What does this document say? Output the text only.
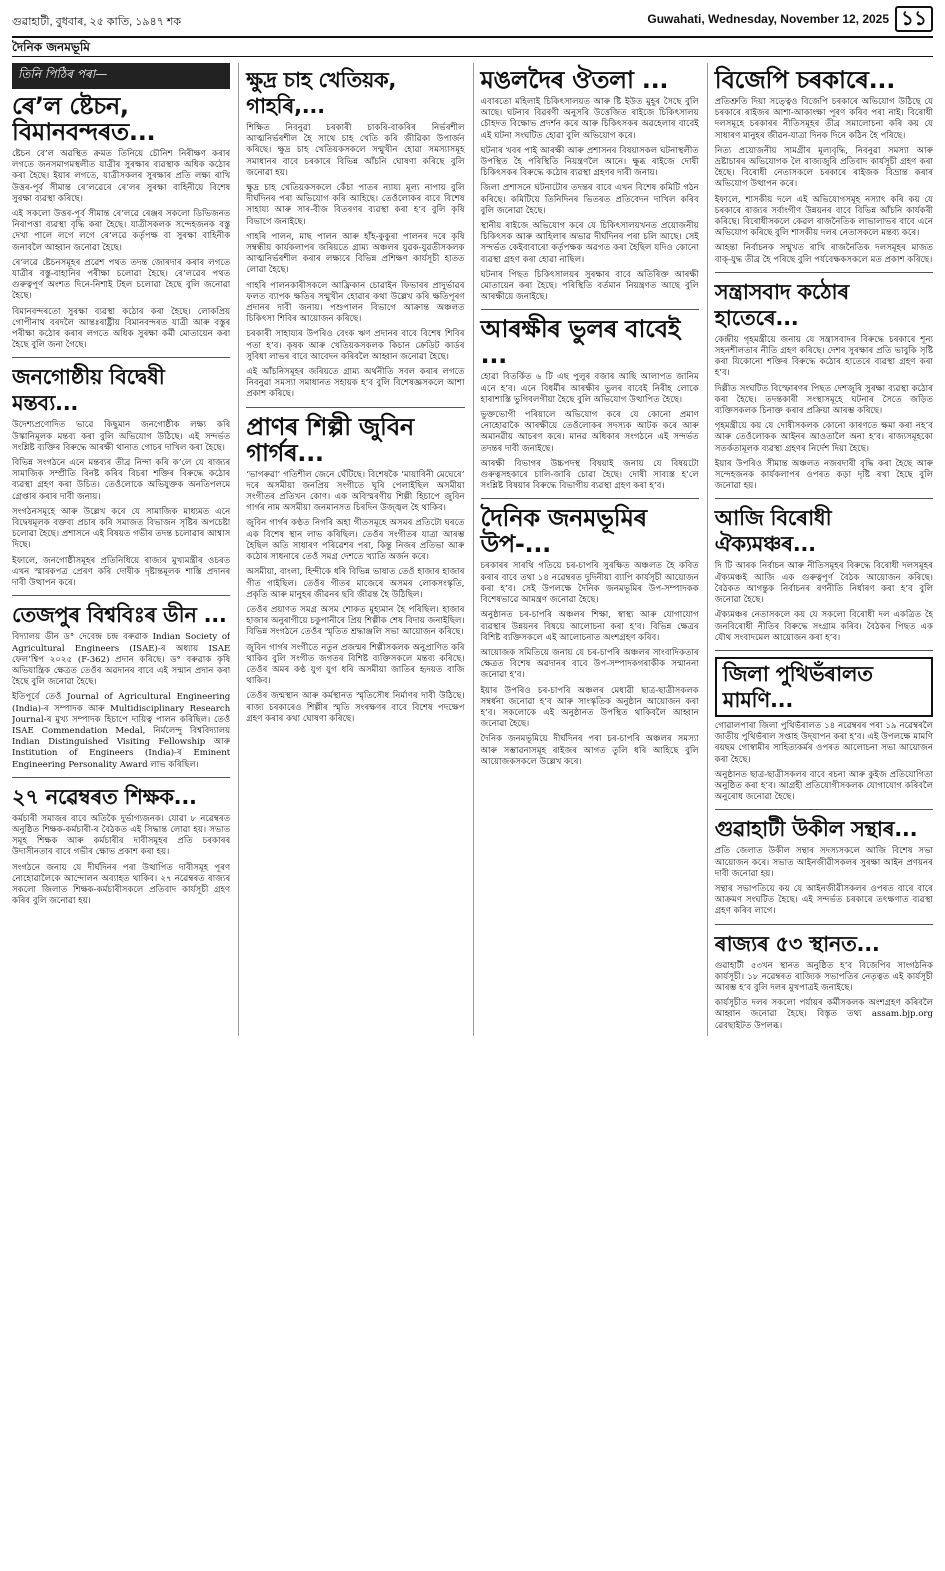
গুৱাহাটী, বুধবাৰ, ২৫ কাতি, ১৯৪৭ শক	Guwahati, Wednesday, November 12, 2025 ১১
দৈনিক জনমভূমি
তিনি পিঠিৰ পৰা—
ৰে’ল ষ্টেচন, বিমানবন্দৰত...

ষ্টেচন বে’ল অৱস্থিত ক্ৰমত তিনিয়ে চৌনিশ নিৰীক্ষণ কৰাৰ লগতে জনসমাগমস্থলীত যাত্ৰীৰ সুৰক্ষাৰ ব্যৱস্থাক অধিক কঠোৰ কৰা হৈছে। ইয়াৰ লগতে, যাত্ৰীসকলৰ সুৰক্ষাৰ প্ৰতি লক্ষ্য ৰাখি উত্তৰ-পূৰ্ব সীমান্ত ৰে’লৱেৰে ৰে’লৰ সুৰক্ষা বাহিনীয়ে বিশেষ সুৰক্ষা ব্যৱস্থা কৰিছে।

এই সকলো উত্তৰ-পূৰ্ব সীমান্ত ৰে’লৱে ৰেঞ্জৰ সকলো ডিভিজনত নিৰাপত্তা ব্যৱস্থা বৃদ্ধি কৰা হৈছে। যাত্ৰীসকলক সন্দেহজনক বস্তু দেখা পালে লগে লগে ৰে’লৱে কৰ্তৃপক্ষ বা সুৰক্ষা বাহিনীক জনাবলৈ আহ্বান জনোৱা হৈছে।

ৰে’লৱে ষ্টেচনসমূহৰ প্ৰৱেশ পথত তদন্ত জোৰদাৰ কৰাৰ লগতে যাত্ৰীৰ বস্তু-বাহানিৰ পৰীক্ষা চলোৱা হৈছে। ৰে’লৱেৰ পথত গুৰুত্বপূৰ্ণ অংশত দিনে-নিশাই টহল চলোৱা হৈছে বুলি জনোৱা হৈছে।

বিমানবন্দৰতো সুৰক্ষা ব্যৱস্থা কঠোৰ কৰা হৈছে। লোকপ্ৰিয় গোপীনাথ বৰদলৈ আন্তঃৰাষ্ট্ৰীয় বিমানবন্দৰত যাত্ৰী আৰু বস্তুৰ পৰীক্ষা কঠোৰ কৰাৰ লগতে অধিক সুৰক্ষা কৰ্মী মোতায়েন কৰা হৈছে বুলি জনা গৈছে।

জনগোষ্ঠীয় বিদ্বেষী মন্তব্য...

উদেশ্যপ্ৰণোদিত ভাৱে কিছুমান জনগোষ্ঠীক লক্ষ্য কৰি উস্কানিমূলক মন্তব্য কৰা বুলি অভিযোগ উঠিছে। এই সন্দৰ্ভত সংশ্লিষ্ট ব্যক্তিৰ বিৰুদ্ধে আৰক্ষী থানাত গোচৰ দাখিল কৰা হৈছে।

বিভিন্ন সংগঠনে এনে মন্তব্যৰ তীব্ৰ নিন্দা কৰি ক’লে যে ৰাজ্যৰ সামাজিক সম্প্ৰীতি বিনষ্ট কৰিব বিচৰা শক্তিৰ বিৰুদ্ধে কঠোৰ ব্যৱস্থা গ্ৰহণ কৰা উচিত। তেওঁলোকে অভিযুক্তক অনতিপলমে গ্ৰেপ্তাৰ কৰাৰ দাবী জনায়।

সংগঠনসমূহে আৰু উল্লেখ কৰে যে সামাজিক মাধ্যমত এনে বিদ্বেষমূলক বক্তব্য প্ৰচাৰ কৰি সমাজত বিভাজন সৃষ্টিৰ অপচেষ্টা চলোৱা হৈছে। প্ৰশাসনে এই বিষয়ত গভীৰ তদন্ত চলোৱাৰ আশ্বাস দিছে।

ইফালে, জনগোষ্ঠীসমূহৰ প্ৰতিনিধিয়ে ৰাজ্যৰ মুখ্যমন্ত্ৰীৰ ওচৰত এখন স্মাৰকপত্ৰ প্ৰেৰণ কৰি দোষীক দৃষ্টান্তমূলক শাস্তি প্ৰদানৰ দাবী উত্থাপন কৰে।

তেজপুৰ বিশ্ববিঃৰ ডীন ...

বিদ্যালয় ডীন ড° দেবেন্দ্ৰ চন্দ্ৰ বৰুৱাক Indian Society of Agricultural Engineers (ISAE)-ৰ অধ্যায় ISAE ফেল’শ্বিপ ২০২৫ (F-362) প্ৰদান কৰিছে। ড° বৰুৱাক কৃষি অভিযান্ত্ৰিক ক্ষেত্ৰত তেওঁৰ অৱদানৰ বাবে এই সন্মান প্ৰদান কৰা হৈছে বুলি জনোৱা হৈছে।

ইতিপূৰ্বে তেওঁ Journal of Agricultural Engineering (India)-ৰ সম্পাদক আৰু Multidisciplinary Research Journal-ৰ মুখ্য সম্পাদক হিচাপে দায়িত্ব পালন কৰিছিল। তেওঁ ISAE Commendation Medal, নিৰ্মলেন্দু বিশ্ববিদ্যালয় Indian Distinguished Visiting Fellowship আৰু Institution of Engineers (India)-ৰ Eminent Engineering Personality Award লাভ কৰিছিল।

২৭ নৱেম্বৰত শিক্ষক...

কৰ্মচাৰী সমাজৰ বাবে অতিকৈ দুৰ্ভাগ্যজনক। যোৱা ৮ নৱেম্বৰত অনুষ্ঠিত শিক্ষক-কৰ্মচাৰী-ৰ বৈঠকত এই সিদ্ধান্ত লোৱা হয়। সভাত সমূহ শিক্ষক আৰু কৰ্মচাৰীৰ দাবীসমূহৰ প্ৰতি চৰকাৰৰ উদাসীনতাৰ বাবে গভীৰ ক্ষোভ প্ৰকাশ কৰা হয়।

সংগঠনে জনায় যে দীৰ্ঘদিনৰ পৰা উত্থাপিত দাবীসমূহ পূৰণ নোহোৱালৈকে আন্দোলন অব্যাহত থাকিব। ২৭ নৱেম্বৰত ৰাজ্যৰ সকলো জিলাত শিক্ষক-কৰ্মচাৰীসকলে প্ৰতিবাদ কাৰ্যসূচী গ্ৰহণ কৰিব বুলি জনোৱা হয়।

ক্ষুদ্ৰ চাহ খেতিয়ক, গাহৰি,...

শিক্ষিত নিবনুৱা চৰকাৰী চাকৰি-বাকৰিৰ নিৰ্ভৰশীল আত্মনিৰ্ভৰশীল হৈ সাথে চাহ খেতি কৰি জীৱিকা উপাৰ্জন কৰিছে। ক্ষুদ্ৰ চাহ খেতিয়কসকলে সন্মুখীন হোৱা সমস্যাসমূহ সমাধানৰ বাবে চৰকাৰে বিভিন্ন আঁচনি ঘোষণা কৰিছে বুলি জনোৱা হয়।

ক্ষুদ্ৰ চাহ খেতিয়কসকলে কেঁচা পাতৰ ন্যায্য মূল্য নাপায় বুলি দীৰ্ঘদিনৰ পৰা অভিযোগ কৰি আহিছে। তেওঁলোকৰ বাবে বিশেষ সাহায্য আৰু সাৰ-বীজ বিতৰণৰ ব্যৱস্থা কৰা হ’ব বুলি কৃষি বিভাগে জনাইছে।

গাহৰি পালন, মাছ পালন আৰু হাঁহ-কুকুৰা পালনৰ দৰে কৃষি সম্বন্ধীয় কাৰ্যকলাপৰ জৰিয়তে গ্ৰাম্য অঞ্চলৰ যুৱক-যুৱতীসকলক আত্মনিৰ্ভৰশীল কৰাৰ লক্ষ্যৰে বিভিন্ন প্ৰশিক্ষণ কাৰ্যসূচী হাতত লোৱা হৈছে।

গাহৰি পালনকাৰীসকলে আফ্ৰিকান চোৱাইন ফিভাৰৰ প্ৰাদুৰ্ভাৱৰ ফলত ব্যাপক ক্ষতিৰ সন্মুখীন হোৱাৰ কথা উল্লেখ কৰি ক্ষতিপূৰণ প্ৰদানৰ দাবী জনায়। পশুপালন বিভাগে আক্ৰান্ত অঞ্চলত চিকিৎসা শিবিৰ আয়োজন কৰিছে।

চৰকাৰী সাহায্যৰ উপৰিও বেংক ঋণ প্ৰদানৰ বাবে বিশেষ শিবিৰ পতা হ’ব। কৃষক আৰু খেতিয়কসকলক কিচান ক্ৰেডিট কাৰ্ডৰ সুবিধা লাভৰ বাবে আবেদন কৰিবলৈ আহ্বান জনোৱা হৈছে।

এই আঁচনিসমূহৰ জৰিয়তে গ্ৰাম্য অৰ্থনীতি সবল কৰাৰ লগতে নিবনুৱা সমস্যা সমাধানত সহায়ক হ’ব বুলি বিশেষজ্ঞসকলে আশা প্ৰকাশ কৰিছে।

প্ৰাণৰ শিল্পী জুবিন গাৰ্গৰ...

‘ভাগৰুৱা’ গতিশীল জেনে ঘেঁটিছে। বিশেষকৈ ‘মায়াবিনী মেঘেৰে’ দৰে অসমীয়া জনপ্ৰিয় সংগীতে ঘূৰি পেলাইছিল অসমীয়া সংগীতৰ প্ৰতিখন কোণ। এক অবিস্মৰণীয় শিল্পী হিচাপে জুবিন গাৰ্গৰ নাম অসমীয়া জনমানসত চিৰদিন উজ্জ্বল হৈ থাকিব।

জুবিন গাৰ্গৰ কণ্ঠত নিগৰি অহা গীতসমূহে অসমৰ প্ৰতিটো ঘৰতে এক বিশেষ স্থান লাভ কৰিছিল। তেওঁৰ সংগীতৰ যাত্ৰা আৰম্ভ হৈছিল অতি সাধাৰণ পৰিৱেশৰ পৰা, কিন্তু নিজৰ প্ৰতিভা আৰু কঠোৰ সাধনাৰে তেওঁ সমগ্ৰ দেশতে খ্যাতি অৰ্জন কৰে।

অসমীয়া, বাংলা, হিন্দীকে ধৰি বিভিন্ন ভাষাত তেওঁ হাজাৰ হাজাৰ গীত গাইছিল। তেওঁৰ গীতৰ মাজেৰে অসমৰ লোকসংস্কৃতি, প্ৰকৃতি আৰু মানুহৰ জীৱনৰ ছবি জীৱন্ত হৈ উঠিছিল।

তেওঁৰ প্ৰয়াণত সমগ্ৰ অসম শোকত মুহ্যমান হৈ পৰিছিল। হাজাৰ হাজাৰ অনুৰাগীয়ে চকুপানীৰে প্ৰিয় শিল্পীক শেষ বিদায় জনাইছিল। বিভিন্ন সংগঠনে তেওঁৰ স্মৃতিত শ্ৰদ্ধাঞ্জলি সভা আয়োজন কৰিছে।

জুবিন গাৰ্গৰ সংগীতে নতুন প্ৰজন্মৰ শিল্পীসকলক অনুপ্ৰাণিত কৰি থাকিব বুলি সংগীত জগতৰ বিশিষ্ট ব্যক্তিসকলে মন্তব্য কৰিছে। তেওঁৰ অমৰ কণ্ঠ যুগ যুগ ধৰি অসমীয়া জাতিৰ হৃদয়ত বাজি থাকিব।

তেওঁৰ জন্মস্থান আৰু কৰ্মস্থানত স্মৃতিসৌধ নিৰ্মাণৰ দাবী উঠিছে। ৰাজ্য চৰকাৰেও শিল্পীৰ স্মৃতি সংৰক্ষণৰ বাবে বিশেষ পদক্ষেপ গ্ৰহণ কৰাৰ কথা ঘোষণা কৰিছে।

মঙলদৈৰ ঔতলা ...

এবাৰতো মহিলাই চিকিৎসালয়ত আৰু ষ্টি ইউত মুহূৰ সৈছে বুলি আছে। ঘটনাৰ বিৱৰণী অনুসৰি উত্তেজিত ৰাইজে চিকিৎসালয় চৌহদত বিক্ষোভ প্ৰদৰ্শন কৰে আৰু চিকিৎসকৰ অৱহেলাৰ বাবেই এই ঘটনা সংঘটিত হোৱা বুলি অভিযোগ কৰে।

ঘটনাৰ খবৰ পাই আৰক্ষী আৰু প্ৰশাসনৰ বিষয়াসকল ঘটনাস্থলীত উপস্থিত হৈ পৰিস্থিতি নিয়ন্ত্ৰণলৈ আনে। ক্ষুব্ধ ৰাইজে দোষী চিকিৎসকৰ বিৰুদ্ধে কঠোৰ ব্যৱস্থা গ্ৰহণৰ দাবী জনায়।

জিলা প্ৰশাসনে ঘটনাটোৰ তদন্তৰ বাবে এখন বিশেষ কমিটি গঠন কৰিছে। কমিটিয়ে তিনিদিনৰ ভিতৰত প্ৰতিবেদন দাখিল কৰিব বুলি জনোৱা হৈছে।

স্থানীয় ৰাইজে অভিযোগ কৰে যে চিকিৎসালয়খনত প্ৰয়োজনীয় চিকিৎসক আৰু আহিলাৰ অভাৱ দীৰ্ঘদিনৰ পৰা চলি আছে। সেই সন্দৰ্ভত কেইবাবাৰো কৰ্তৃপক্ষক অৱগত কৰা হৈছিল যদিও কোনো ব্যৱস্থা গ্ৰহণ কৰা হোৱা নাছিল।

ঘটনাৰ পিছত চিকিৎসালয়ৰ সুৰক্ষাৰ বাবে অতিৰিক্ত আৰক্ষী মোতায়েন কৰা হৈছে। পৰিস্থিতি বৰ্তমান নিয়ন্ত্ৰণত আছে বুলি আৰক্ষীয়ে জনাইছে।

আৰক্ষীৰ ভুলৰ বাবেই ...

হোৱা বিতৰ্কিত ৬ টি এছ পুলুৰ বজাৰ আছি আলাপত জানিম এনে হ’ব। এনে বিধৰ্মীৰ আৰক্ষীৰ ভুলৰ বাবেই নিৰীহ লোকে হাৰাশাস্তি ভুগিবলগীয়া হৈছে বুলি অভিযোগ উত্থাপিত হৈছে।

ভুক্তভোগী পৰিয়ালে অভিযোগ কৰে যে কোনো প্ৰমাণ নোহোৱাকৈ আৰক্ষীয়ে তেওঁলোকৰ সদস্যক আটক কৰে আৰু অমানৱীয় আচৰণ কৰে। মানৱ অধিকাৰ সংগঠনে এই সন্দৰ্ভত তদন্তৰ দাবী জনাইছে।

আৰক্ষী বিভাগৰ উচ্চপদস্থ বিষয়াই জনায় যে বিষয়টো গুৰুত্বসহকাৰে চালি-জাৰি চোৱা হৈছে। দোষী সাব্যস্ত হ’লে সংশ্লিষ্ট বিষয়াৰ বিৰুদ্ধে বিভাগীয় ব্যৱস্থা গ্ৰহণ কৰা হ’ব।

দৈনিক জনমভূমিৰ উপ-...

চৰকাৰৰ সাৰথি গতিয়ে চৰ-চাপৰি সুৰক্ষিত অঞ্চলত হৈ কবিত কৰাৰ বাবে তথা ১৪ নৱেম্বৰত দুদিনীয়া ব্যাপি কাৰ্যসূচী আয়োজন কৰা হ’ব। সেই উপলক্ষে দৈনিক জনমভূমিৰ উপ-সম্পাদকক বিশেষভাৱে আমন্ত্ৰণ জনোৱা হৈছে।

অনুষ্ঠানত চৰ-চাপৰি অঞ্চলৰ শিক্ষা, স্বাস্থ্য আৰু যোগাযোগ ব্যৱস্থাৰ উন্নয়নৰ বিষয়ে আলোচনা কৰা হ’ব। বিভিন্ন ক্ষেত্ৰৰ বিশিষ্ট ব্যক্তিসকলে এই আলোচনাত অংশগ্ৰহণ কৰিব।

আয়োজক সমিতিয়ে জনায় যে চৰ-চাপৰি অঞ্চলৰ সাংবাদিকতাৰ ক্ষেত্ৰত বিশেষ অৱদানৰ বাবে উপ-সম্পাদকগৰাকীক সন্মাননা জনোৱা হ’ব।

ইয়াৰ উপৰিও চৰ-চাপৰি অঞ্চলৰ মেধাৱী ছাত্ৰ-ছাত্ৰীসকলক সম্বৰ্ধনা জনোৱা হ’ব আৰু সাংস্কৃতিক অনুষ্ঠান আয়োজন কৰা হ’ব। সকলোকে এই অনুষ্ঠানত উপস্থিত থাকিবলৈ আহ্বান জনোৱা হৈছে।

দৈনিক জনমভূমিয়ে দীৰ্ঘদিনৰ পৰা চৰ-চাপৰি অঞ্চলৰ সমস্যা আৰু সম্ভাৱনাসমূহ ৰাইজৰ আগত তুলি ধৰি আহিছে বুলি আয়োজকসকলে উল্লেখ কৰে।

বিজেপি চৰকাৰে...

প্ৰতিশ্ৰুতি দিয়া সত্ত্বেও বিজেপি চৰকাৰে অভিযোগ উঠিছে যে চৰকাৰে ৰাইজৰ আশা-আকাংক্ষা পূৰণ কৰিব পৰা নাই। বিৰোধী দলসমূহে চৰকাৰৰ নীতিসমূহৰ তীব্ৰ সমালোচনা কৰি কয় যে সাধাৰণ মানুহৰ জীৱন-যাত্ৰা দিনক দিনে কঠিন হৈ পৰিছে।

নিত্য প্ৰয়োজনীয় সামগ্ৰীৰ মূল্যবৃদ্ধি, নিবনুৱা সমস্যা আৰু ভ্ৰষ্টাচাৰৰ অভিযোগক লৈ ৰাজ্যজুৰি প্ৰতিবাদ কাৰ্যসূচী গ্ৰহণ কৰা হৈছে। বিৰোধী নেতাসকলে চৰকাৰে ৰাইজক বিভ্ৰান্ত কৰাৰ অভিযোগ উত্থাপন কৰে।

ইফালে, শাসকীয় দলে এই অভিযোগসমূহ নস্যাৎ কৰি কয় যে চৰকাৰে ৰাজ্যৰ সৰ্বাংগীণ উন্নয়নৰ বাবে বিভিন্ন আঁচনি কাৰ্যকৰী কৰিছে। বিৰোধীসকলে কেৱল ৰাজনৈতিক লাভালাভৰ বাবে এনে অভিযোগ কৰিছে বুলি শাসকীয় দলৰ নেতাসকলে মন্তব্য কৰে।

আহন্তা নিৰ্বাচনক সন্মুখত ৰাখি ৰাজনৈতিক দলসমূহৰ মাজত বাক্-যুদ্ধ তীব্ৰ হৈ পৰিছে বুলি পৰ্যবেক্ষকসকলে মত প্ৰকাশ কৰিছে।

সন্ত্ৰাসবাদ কঠোৰ হাতেৰে...

কেন্দ্ৰীয় গৃহমন্ত্ৰীয়ে জনায় যে সন্ত্ৰাসবাদৰ বিৰুদ্ধে চৰকাৰে শূন্য সহনশীলতাৰ নীতি গ্ৰহণ কৰিছে। দেশৰ সুৰক্ষাৰ প্ৰতি ভাবুকি সৃষ্টি কৰা যিকোনো শক্তিৰ বিৰুদ্ধে কঠোৰ হাতেৰে ব্যৱস্থা গ্ৰহণ কৰা হ’ব।

দিল্লীত সংঘটিত বিস্ফোৰণৰ পিছত দেশজুৰি সুৰক্ষা ব্যৱস্থা কঠোৰ কৰা হৈছে। তদন্তকাৰী সংস্থাসমূহে ঘটনাৰ সৈতে জড়িত ব্যক্তিসকলক চিনাক্ত কৰাৰ প্ৰক্ৰিয়া আৰম্ভ কৰিছে।

গৃহমন্ত্ৰীয়ে কয় যে দোষীসকলক কোনো কাৰণতে ক্ষমা কৰা নহ’ব আৰু তেওঁলোকক আইনৰ আওতালৈ অনা হ’ব। ৰাজ্যসমূহকো সতৰ্কতামূলক ব্যৱস্থা গ্ৰহণৰ নিৰ্দেশ দিয়া হৈছে।

ইয়াৰ উপৰিও সীমান্ত অঞ্চলত নজৰদাৰী বৃদ্ধি কৰা হৈছে আৰু সন্দেহজনক কাৰ্যকলাপৰ ওপৰত কড়া দৃষ্টি ৰখা হৈছে বুলি জনোৱা হয়।

আজি বিৰোধী ঐক্যমঞ্চৰ...

দি টি আৰক নিৰ্বাচন আৰু নীতিসমূহৰ বিৰুদ্ধে বিৰোধী দলসমূহৰ ঐক্যমঞ্চই আজি এক গুৰুত্বপূৰ্ণ বৈঠক আয়োজন কৰিছে। বৈঠকত আগন্তুক নিৰ্বাচনৰ ৰণনীতি নিৰ্ধাৰণ কৰা হ’ব বুলি জনোৱা হৈছে।

ঐক্যমঞ্চৰ নেতাসকলে কয় যে সকলো বিৰোধী দল একত্ৰিত হৈ জনবিৰোধী নীতিৰ বিৰুদ্ধে সংগ্ৰাম কৰিব। বৈঠকৰ পিছত এক যৌথ সংবাদমেল আয়োজন কৰা হ’ব।

জিলা পুথিভঁৰালত মামণি...

গোৱালপাৰা জিলা পুথিভঁৰালত ১৪ নৱেম্বৰৰ পৰা ১৯ নৱেম্বৰলৈ জাতীয় পুথিভঁৰাল সপ্তাহ উদ্‌যাপন কৰা হ’ব। এই উপলক্ষে মামণি ৰয়ছম গোস্বামীৰ সাহিত্যকৰ্মৰ ওপৰত আলোচনা সভা আয়োজন কৰা হৈছে।

অনুষ্ঠানত ছাত্ৰ-ছাত্ৰীসকলৰ বাবে ৰচনা আৰু কুইজ প্ৰতিযোগিতা অনুষ্ঠিত কৰা হ’ব। আগ্ৰহী প্ৰতিযোগীসকলক যোগাযোগ কৰিবলৈ অনুৰোধ জনোৱা হৈছে।

গুৱাহাটী উকীল সন্থাৰ...

প্ৰতি জেলাত উকীল সন্থাৰ সদস্যসকলে আজি বিশেষ সভা আয়োজন কৰে। সভাত আইনজীৱীসকলৰ সুৰক্ষা আইন প্ৰণয়নৰ দাবী জনোৱা হয়।

সন্থাৰ সভাপতিয়ে কয় যে আইনজীৱীসকলৰ ওপৰত বাৰে বাৰে আক্ৰমণ সংঘটিত হৈছে। এই সন্দৰ্ভত চৰকাৰে তৎক্ষণাত ব্যৱস্থা গ্ৰহণ কৰিব লাগে।

ৰাজ্যৰ ৫৩ স্থানত...

গুৱাহাটী ৫৩খন স্থানত অনুষ্ঠিত হ’ব বিজেপিৰ সাংগঠনিক কাৰ্যসূচী। ১৮ নৱেম্বৰত ৰাজ্যিক সভাপতিৰ নেতৃত্বত এই কাৰ্যসূচী আৰম্ভ হ’ব বুলি দলৰ মুখপাত্ৰই জনাইছে।

কাৰ্যসূচীত দলৰ সকলো পৰ্যায়ৰ কৰ্মীসকলক অংশগ্ৰহণ কৰিবলৈ আহ্বান জনোৱা হৈছে। বিস্তৃত তথ্য assam.bjp.org ৱেবছাইটত উপলব্ধ।
